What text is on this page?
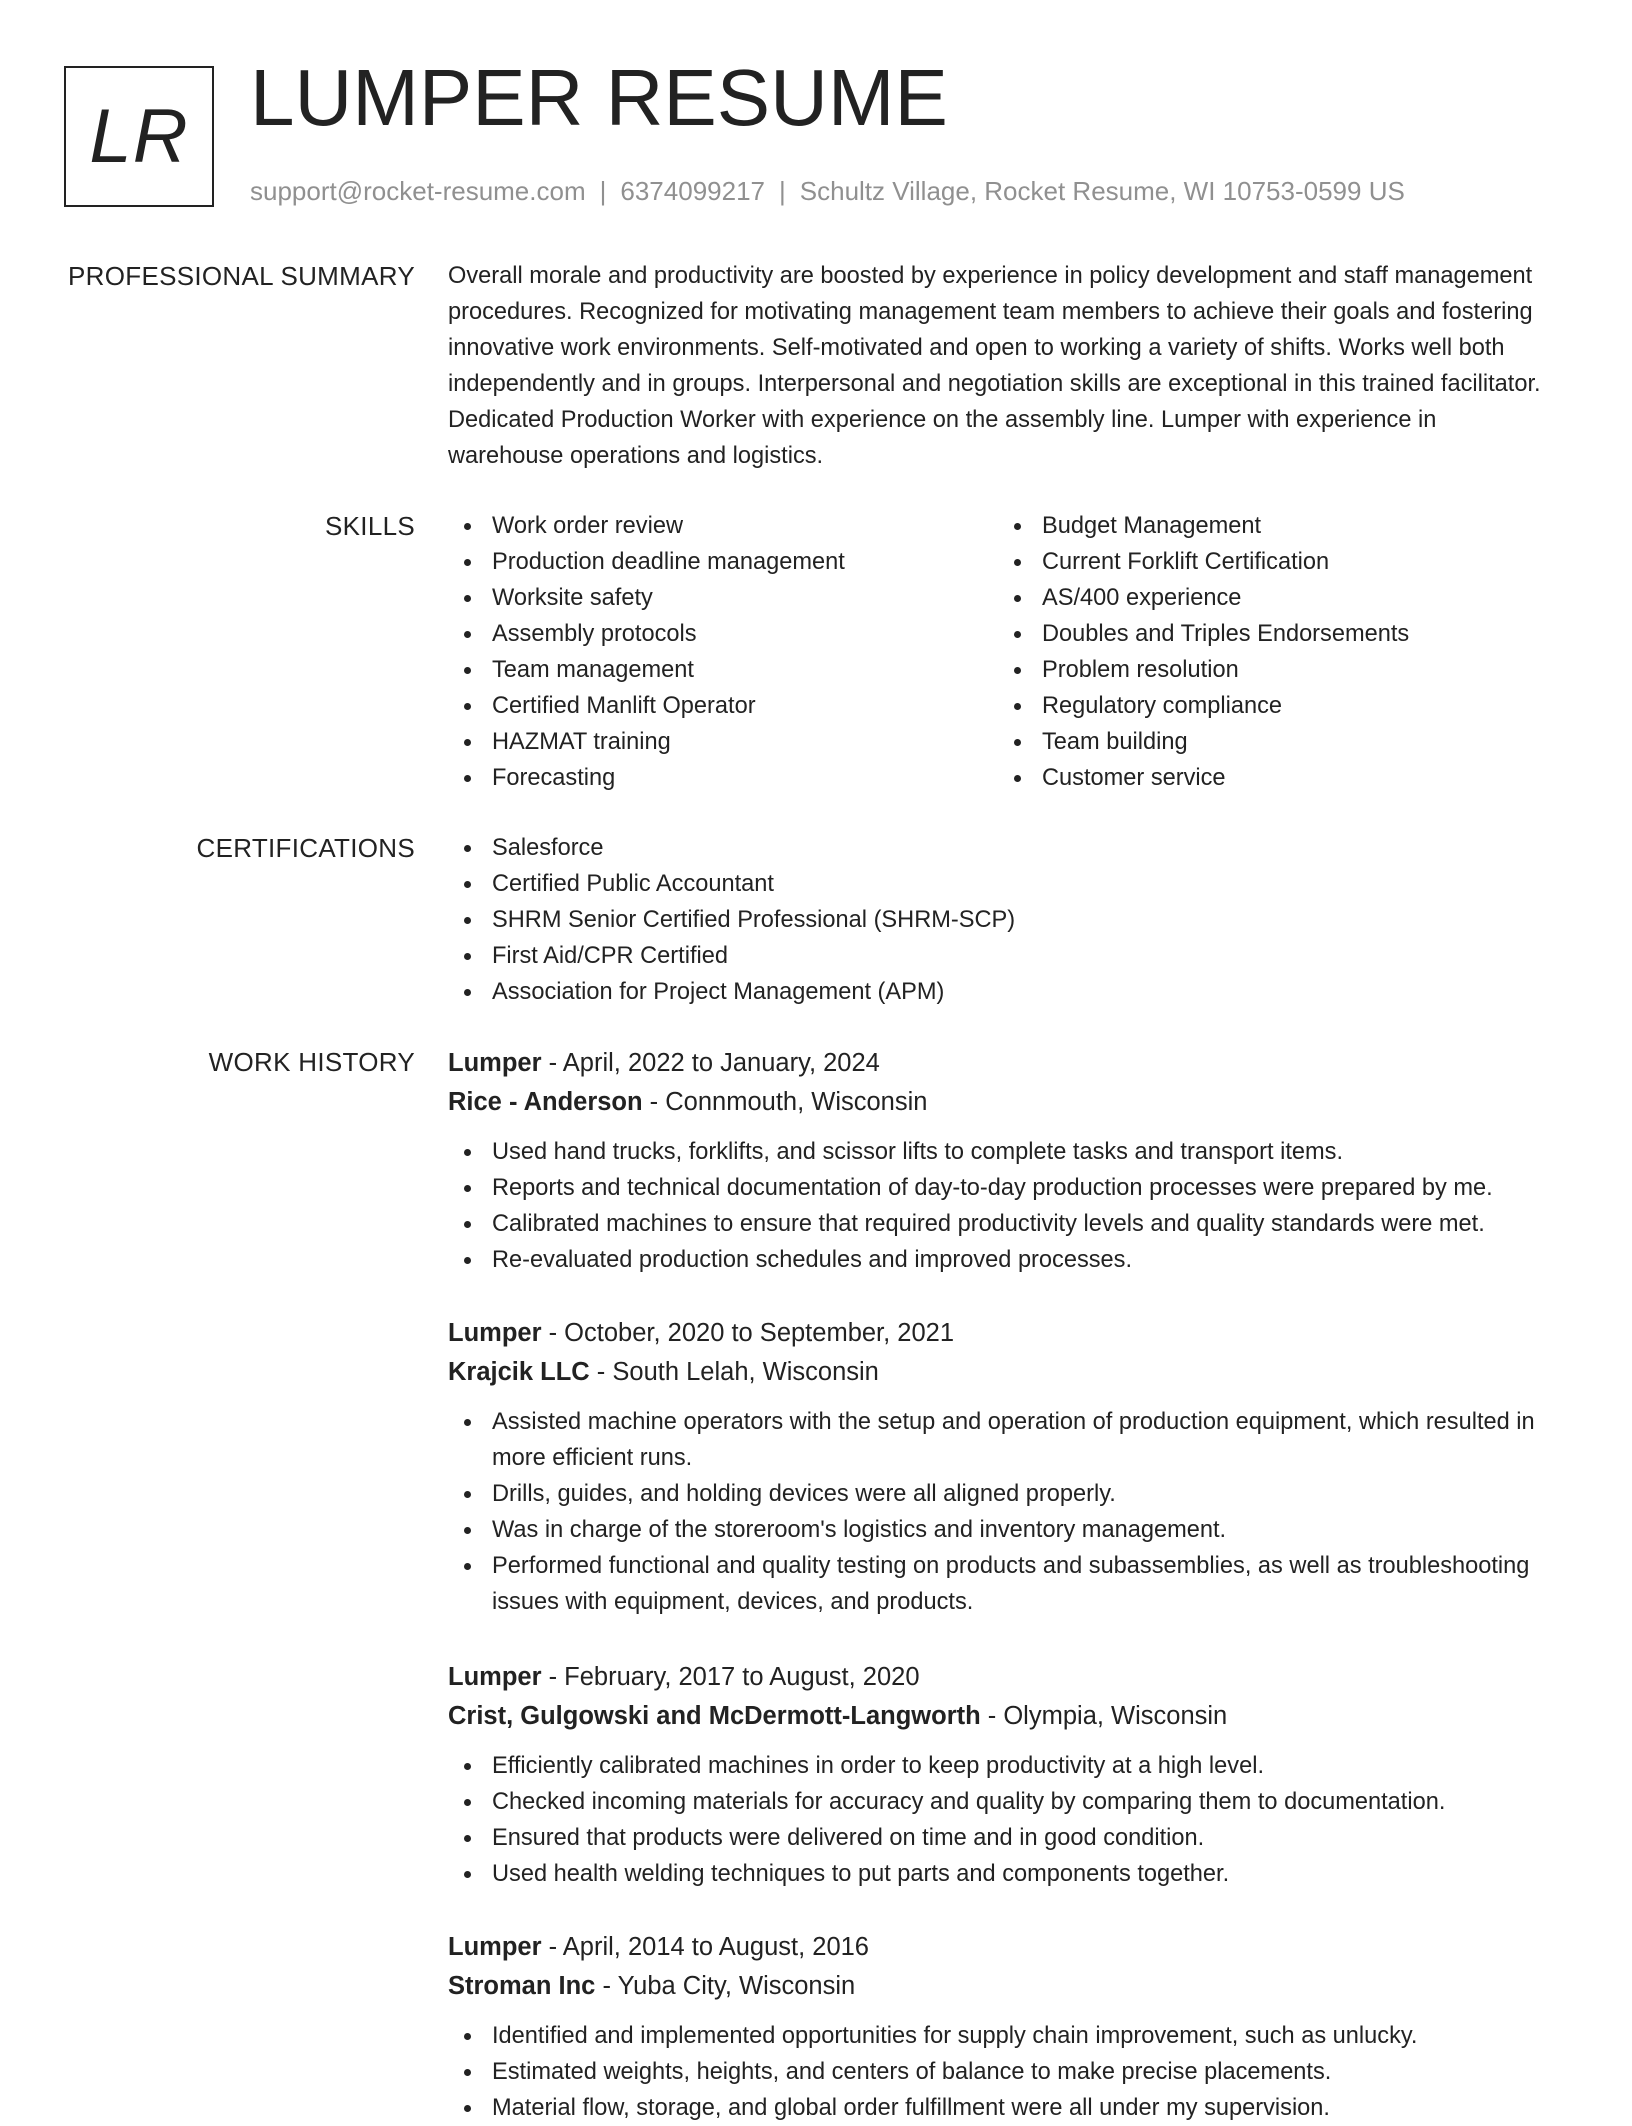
LR LUMPER RESUME
support@rocket-resume.com | 6374099217 | Schultz Village, Rocket Resume, WI 10753-0599 US
PROFESSIONAL SUMMARY Overall morale and productivity are boosted by experience in policy development and staff management procedures. Recognized for motivating management team members to achieve their goals and fostering innovative work environments. Self-motivated and open to working a variety of shifts. Works well both independently and in groups. Interpersonal and negotiation skills are exceptional in this trained facilitator. Dedicated Production Worker with experience on the assembly line. Lumper with experience in warehouse operations and logistics.

SKILLS	Work order review
Production deadline management
Worksite safety
Assembly protocols
Team management
Certified Manlift Operator
HAZMAT training
Forecasting
Budget Management
Current Forklift Certification
AS/400 experience
Doubles and Triples Endorsements
Problem resolution
Regulatory compliance
Team building
Customer service
CERTIFICATIONS	Salesforce
Certified Public Accountant
SHRM Senior Certified Professional (SHRM-SCP)
First Aid/CPR Certified
Association for Project Management (APM)
WORK HISTORY Lumper - April, 2022 to January, 2024
Rice - Anderson - Connmouth, Wisconsin
Used hand trucks, forklifts, and scissor lifts to complete tasks and transport items.
Reports and technical documentation of day-to-day production processes were prepared by me.
Calibrated machines to ensure that required productivity levels and quality standards were met.
Re-evaluated production schedules and improved processes.
Lumper - October, 2020 to September, 2021
Krajcik LLC - South Lelah, Wisconsin
Assisted machine operators with the setup and operation of production equipment, which resulted in more efficient runs.
Drills, guides, and holding devices were all aligned properly.
Was in charge of the storeroom's logistics and inventory management.
Performed functional and quality testing on products and subassemblies, as well as troubleshooting issues with equipment, devices, and products.
Lumper - February, 2017 to August, 2020
Crist, Gulgowski and McDermott-Langworth - Olympia, Wisconsin
Efficiently calibrated machines in order to keep productivity at a high level.
Checked incoming materials for accuracy and quality by comparing them to documentation.
Ensured that products were delivered on time and in good condition.
Used health welding techniques to put parts and components together.
Lumper - April, 2014 to August, 2016
Stroman Inc - Yuba City, Wisconsin
Identified and implemented opportunities for supply chain improvement, such as unlucky.
Estimated weights, heights, and centers of balance to make precise placements.
Material flow, storage, and global order fulfillment were all under my supervision.
